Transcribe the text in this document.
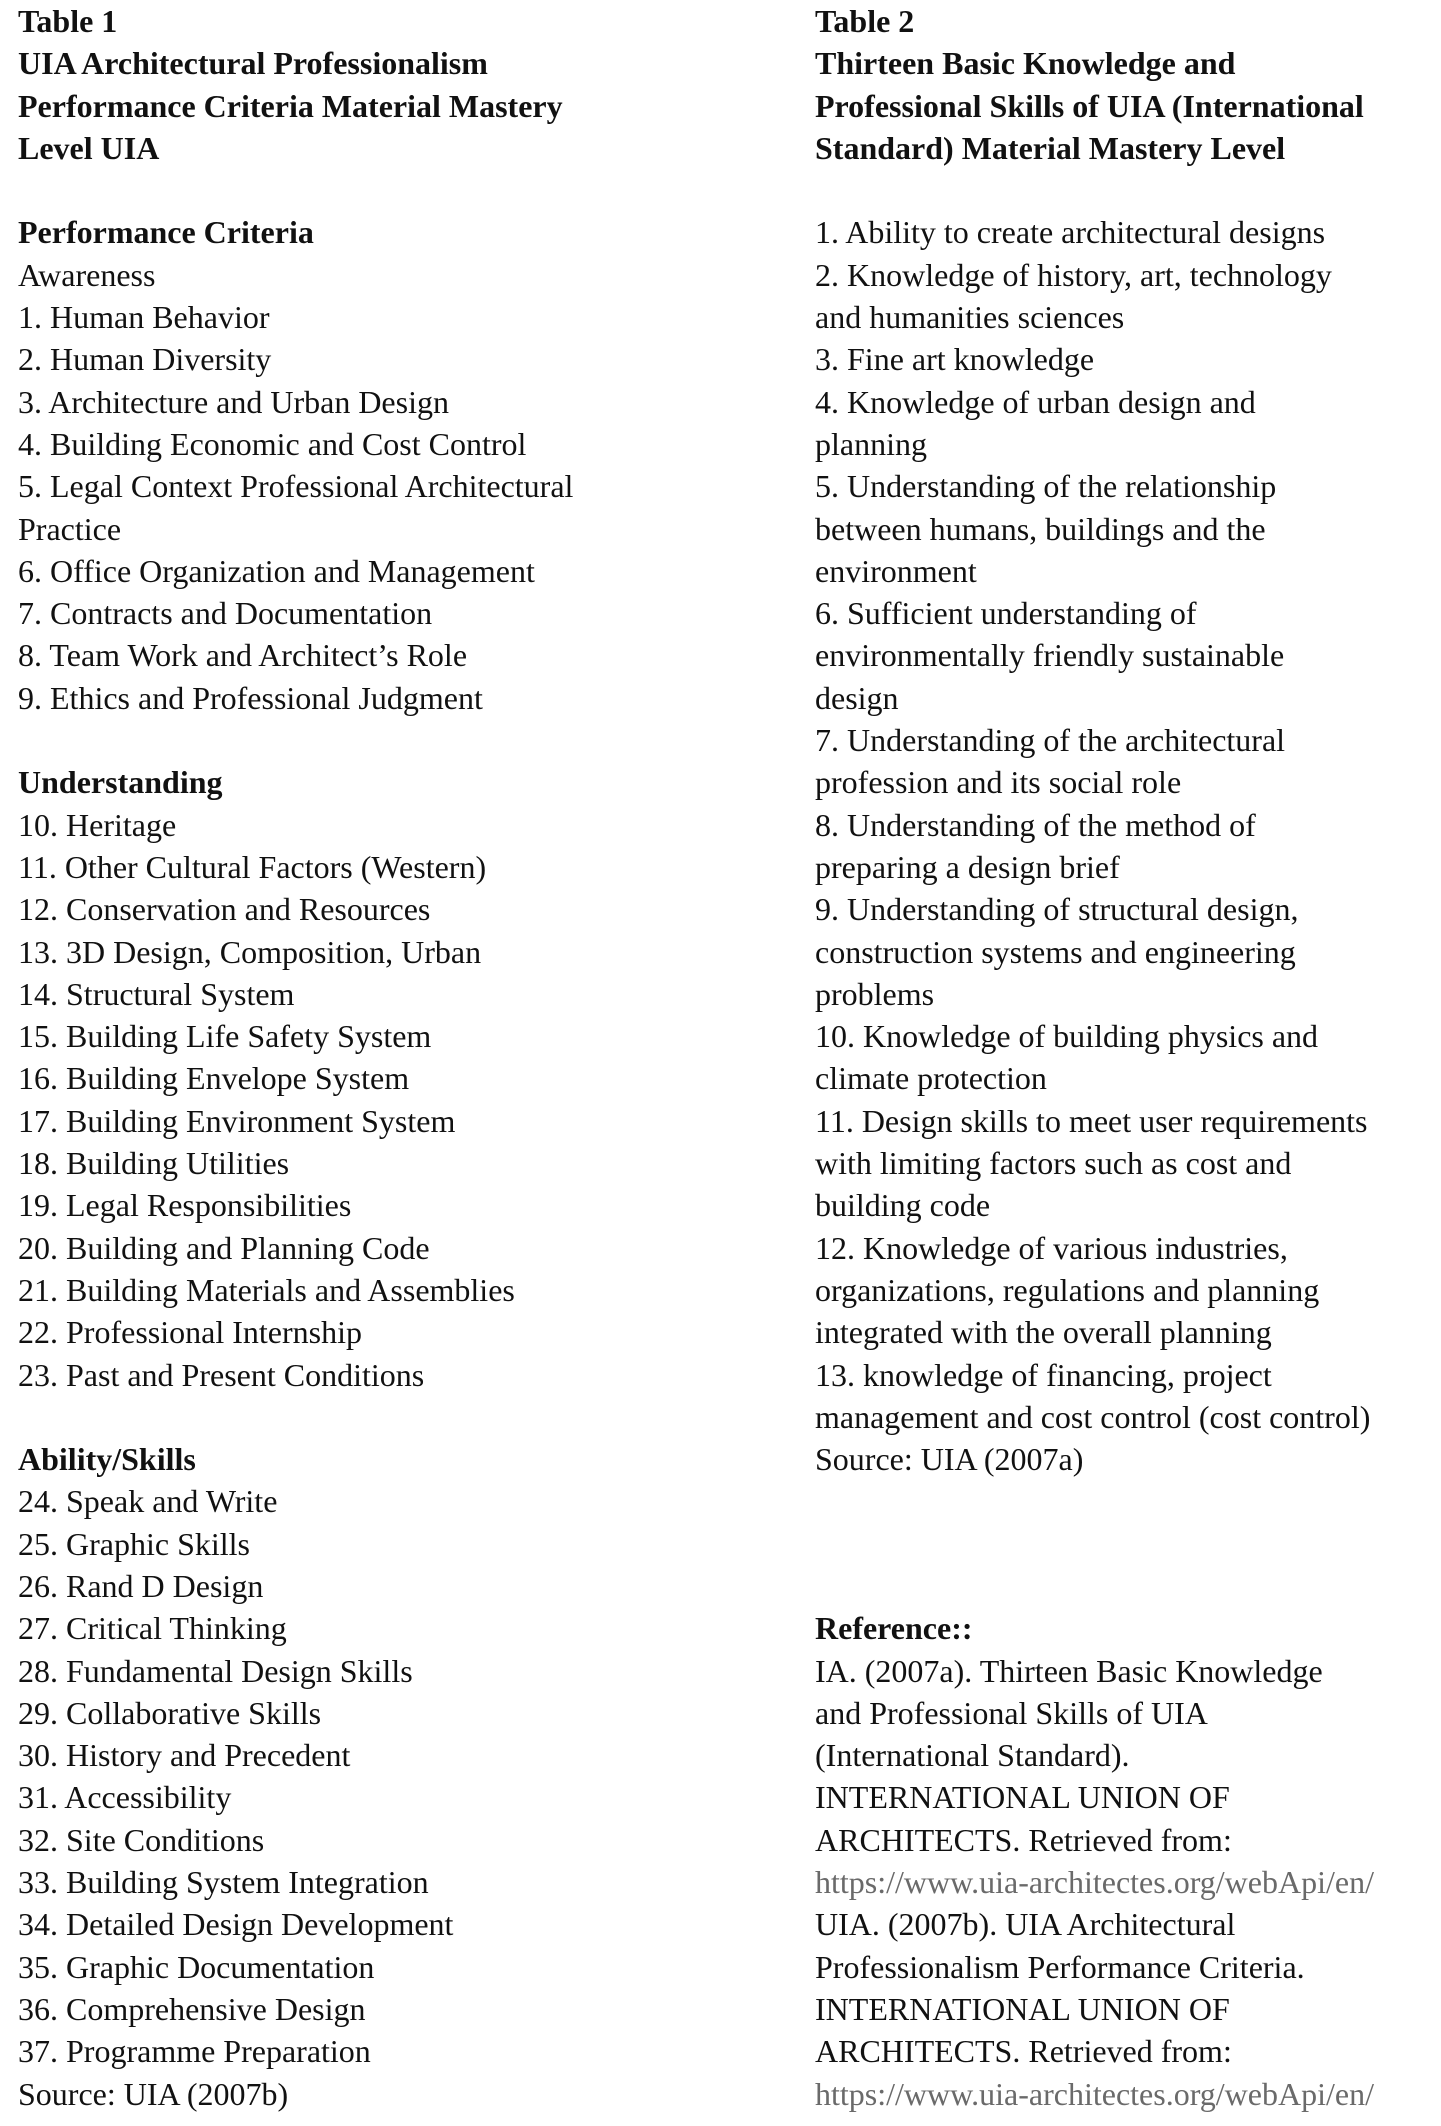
Table 1
UIA Architectural Professionalism
Performance Criteria Material Mastery
Level UIA
Performance Criteria
Awareness
1. Human Behavior
2. Human Diversity
3. Architecture and Urban Design
4. Building Economic and Cost Control
5. Legal Context Professional Architectural
Practice
6. Office Organization and Management
7. Contracts and Documentation
8. Team Work and Architect’s Role
9. Ethics and Professional Judgment
Understanding
10. Heritage
11. Other Cultural Factors (Western)
12. Conservation and Resources
13. 3D Design, Composition, Urban
14. Structural System
15. Building Life Safety System
16. Building Envelope System
17. Building Environment System
18. Building Utilities
19. Legal Responsibilities
20. Building and Planning Code
21. Building Materials and Assemblies
22. Professional Internship
23. Past and Present Conditions
Ability/Skills
24. Speak and Write
25. Graphic Skills
26. Rand D Design
27. Critical Thinking
28. Fundamental Design Skills
29. Collaborative Skills
30. History and Precedent
31. Accessibility
32. Site Conditions
33. Building System Integration
34. Detailed Design Development
35. Graphic Documentation
36. Comprehensive Design
37. Programme Preparation
Source: UIA (2007b)
Table 2
Thirteen Basic Knowledge and
Professional Skills of UIA (International
Standard) Material Mastery Level
1. Ability to create architectural designs
2. Knowledge of history, art, technology
and humanities sciences
3. Fine art knowledge
4. Knowledge of urban design and
planning
5. Understanding of the relationship
between humans, buildings and the
environment
6. Sufficient understanding of
environmentally friendly sustainable
design
7. Understanding of the architectural
profession and its social role
8. Understanding of the method of
preparing a design brief
9. Understanding of structural design,
construction systems and engineering
problems
10. Knowledge of building physics and
climate protection
11. Design skills to meet user requirements
with limiting factors such as cost and
building code
12. Knowledge of various industries,
organizations, regulations and planning
integrated with the overall planning
13. knowledge of financing, project
management and cost control (cost control)
Source: UIA (2007a)
Reference::
IA. (2007a). Thirteen Basic Knowledge
and Professional Skills of UIA
(International Standard).
INTERNATIONAL UNION OF
ARCHITECTS. Retrieved from:
https://www.uia-architectes.org/webApi/en/
UIA. (2007b). UIA Architectural
Professionalism Performance Criteria.
INTERNATIONAL UNION OF
ARCHITECTS. Retrieved from:
https://www.uia-architectes.org/webApi/en/
